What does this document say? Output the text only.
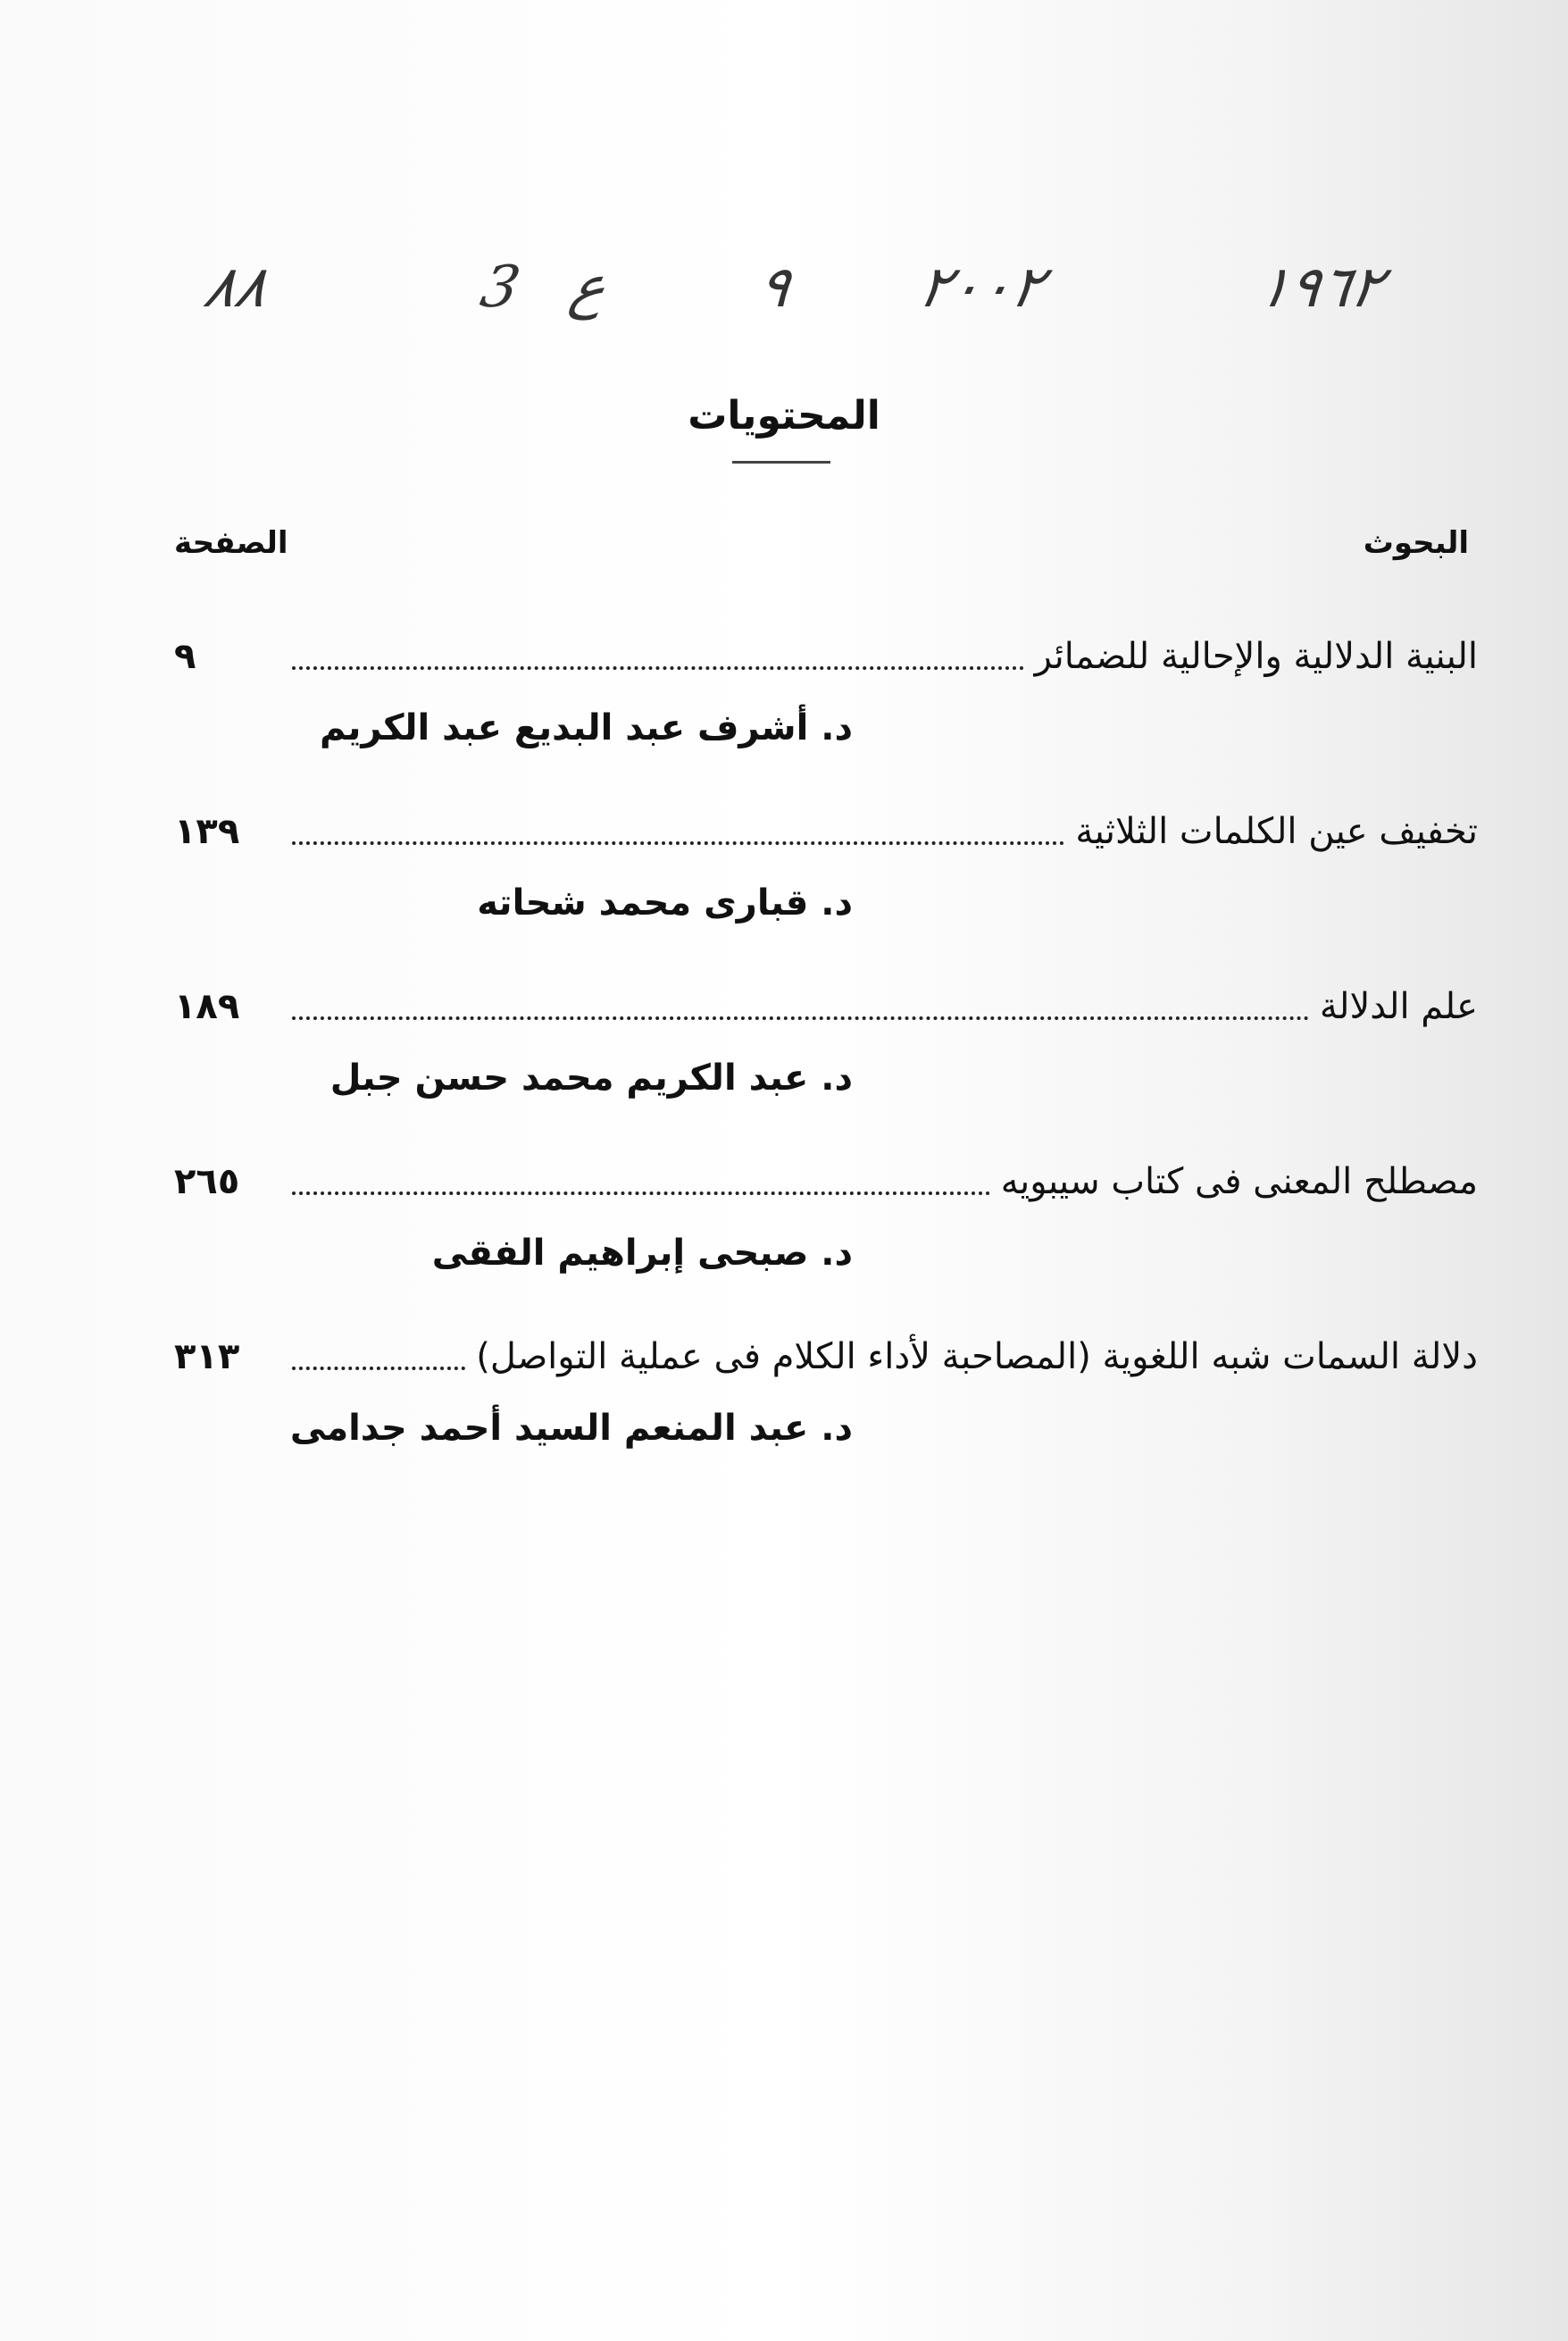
١٩٦٢
٢٠٠٢
٩
ع
3
٨٨
المحتويات
البحوث
الصفحة
البنية الدلالية والإحالية للضمائر
٩
د. أشرف عبد البديع عبد الكريم
تخفيف عين الكلمات الثلاثية
١٣٩
د. قبارى محمد شحاته
علم الدلالة
١٨٩
د. عبد الكريم محمد حسن جبل
مصطلح المعنى فى كتاب سيبويه
٢٦٥
د. صبحى إبراهيم الفقى
دلالة السمات شبه اللغوية (المصاحبة لأداء الكلام فى عملية التواصل)
٣١٣
د. عبد المنعم السيد أحمد جدامى
